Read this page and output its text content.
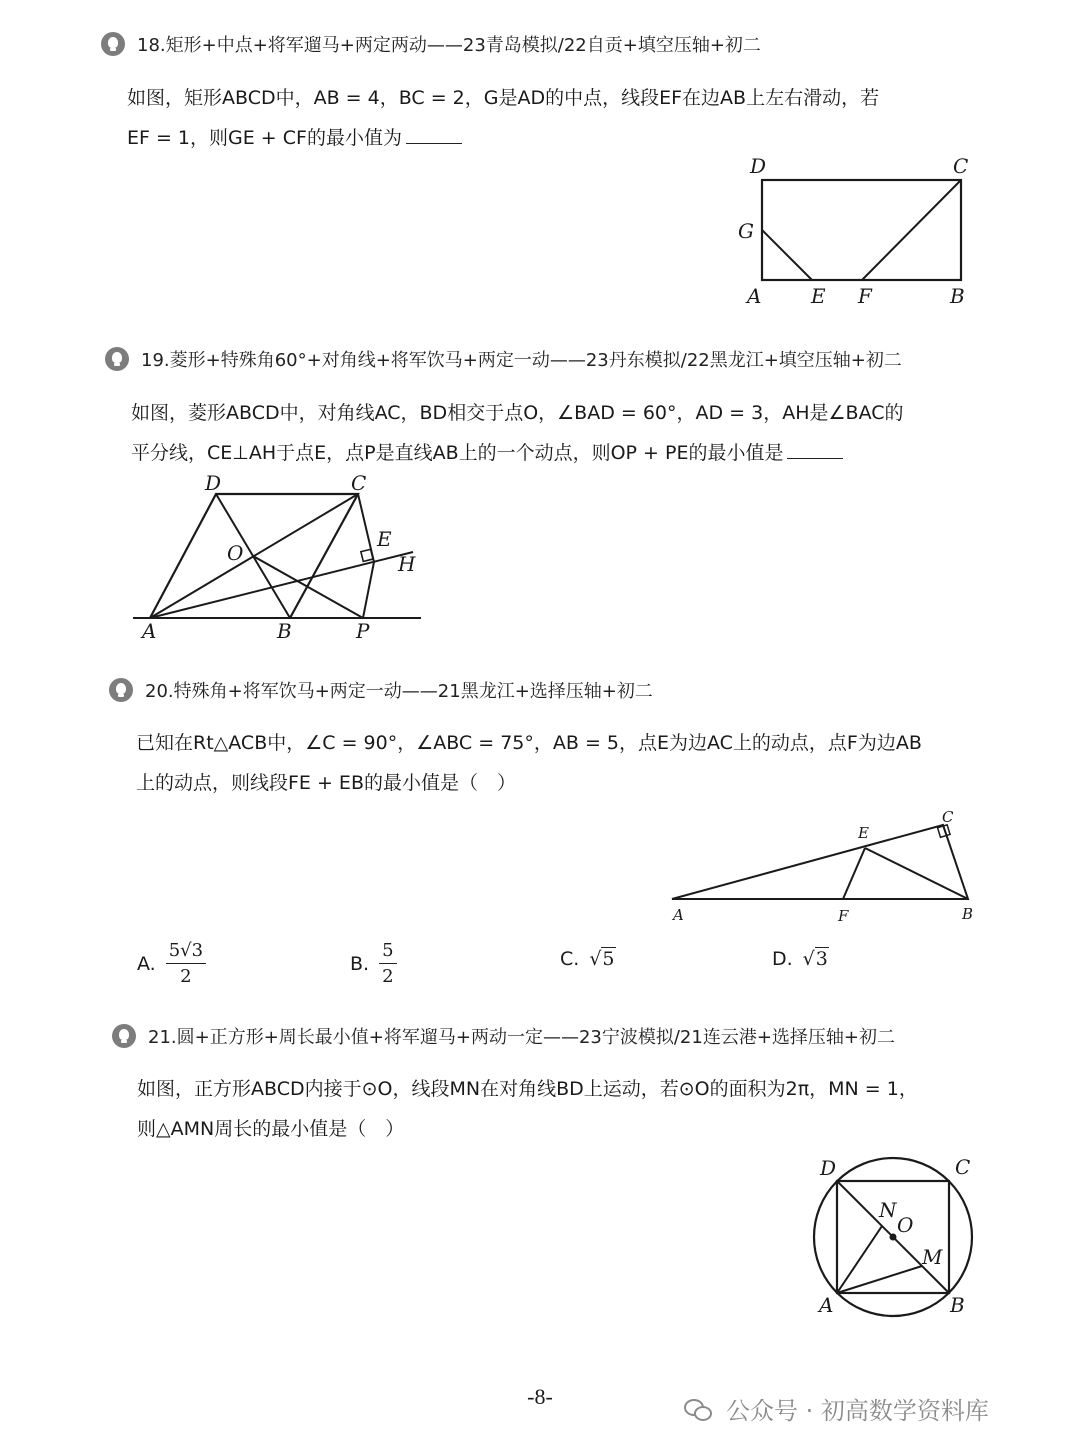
18.矩形+中点+将军遛马+两定两动——23青岛模拟/22自贡+填空压轴+初二
如图，矩形ABCD中，AB = 4，BC = 2，G是AD的中点，线段EF在边AB上左右滑动，若
EF = 1，则GE + CF的最小值为
D	C
G
A E F	B
19.菱形+特殊角60°+对角线+将军饮马+两定一动——23丹东模拟/22黑龙江+填空压轴+初二
如图，菱形ABCD中，对角线AC，BD相交于点O，∠BAD = 60°，AD = 3，AH是∠BAC的
平分线，CE⊥AH于点E，点P是直线AB上的一个动点，则OP + PE的最小值是
D	C
O
E
H
A	B	P
20.特殊角+将军饮马+两定一动——21黑龙江+选择压轴+初二
已知在Rt△ACB中，∠C = 90°，∠ABC = 75°，AB = 5，点E为边AC上的动点，点F为边AB
上的动点，则线段FE + EB的最小值是（　）
C
E
A	F	B
A. $\frac{5√3}{2}$	B. $\frac{5}{2}$	C. √5	D. √3
21.圆+正方形+周长最小值+将军遛马+两动一定——23宁波模拟/21连云港+选择压轴+初二
如图，正方形ABCD内接于⊙O，线段MN在对角线BD上运动，若⊙O的面积为2π，MN = 1，
则△AMN周长的最小值是（　）
D	C
N
O
M
A	B
-8-
公众号 · 初高数学资料库
